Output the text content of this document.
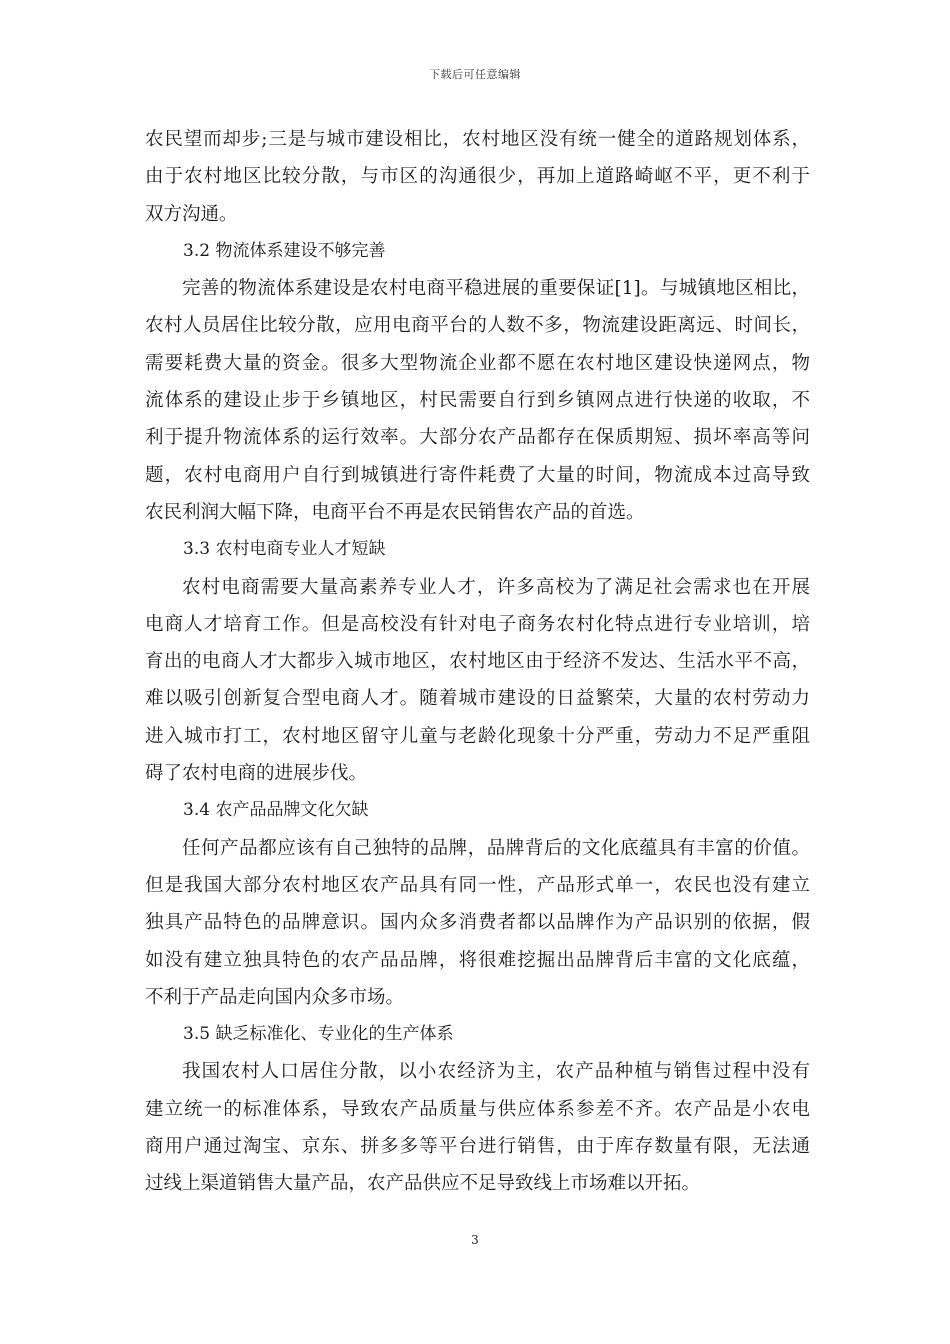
下载后可任意编辑
农民望而却步;三是与城市建设相比，农村地区没有统一健全的道路规划体系，
由于农村地区比较分散，与市区的沟通很少，再加上道路崎岖不平，更不利于
双方沟通。
3.2 物流体系建设不够完善
完善的物流体系建设是农村电商平稳进展的重要保证[1]。与城镇地区相比，
农村人员居住比较分散，应用电商平台的人数不多，物流建设距离远、时间长，
需要耗费大量的资金。很多大型物流企业都不愿在农村地区建设快递网点，物
流体系的建设止步于乡镇地区，村民需要自行到乡镇网点进行快递的收取，不
利于提升物流体系的运行效率。大部分农产品都存在保质期短、损坏率高等问
题，农村电商用户自行到城镇进行寄件耗费了大量的时间，物流成本过高导致
农民利润大幅下降，电商平台不再是农民销售农产品的首选。
3.3 农村电商专业人才短缺
农村电商需要大量高素养专业人才，许多高校为了满足社会需求也在开展
电商人才培育工作。但是高校没有针对电子商务农村化特点进行专业培训，培
育出的电商人才大都步入城市地区，农村地区由于经济不发达、生活水平不高，
难以吸引创新复合型电商人才。随着城市建设的日益繁荣，大量的农村劳动力
进入城市打工，农村地区留守儿童与老龄化现象十分严重，劳动力不足严重阻
碍了农村电商的进展步伐。
3.4 农产品品牌文化欠缺
任何产品都应该有自己独特的品牌，品牌背后的文化底蕴具有丰富的价值。
但是我国大部分农村地区农产品具有同一性，产品形式单一，农民也没有建立
独具产品特色的品牌意识。国内众多消费者都以品牌作为产品识别的依据，假
如没有建立独具特色的农产品品牌，将很难挖掘出品牌背后丰富的文化底蕴，
不利于产品走向国内众多市场。
3.5 缺乏标准化、专业化的生产体系
我国农村人口居住分散，以小农经济为主，农产品种植与销售过程中没有
建立统一的标准体系，导致农产品质量与供应体系参差不齐。农产品是小农电
商用户通过淘宝、京东、拼多多等平台进行销售，由于库存数量有限，无法通
过线上渠道销售大量产品，农产品供应不足导致线上市场难以开拓。
3
